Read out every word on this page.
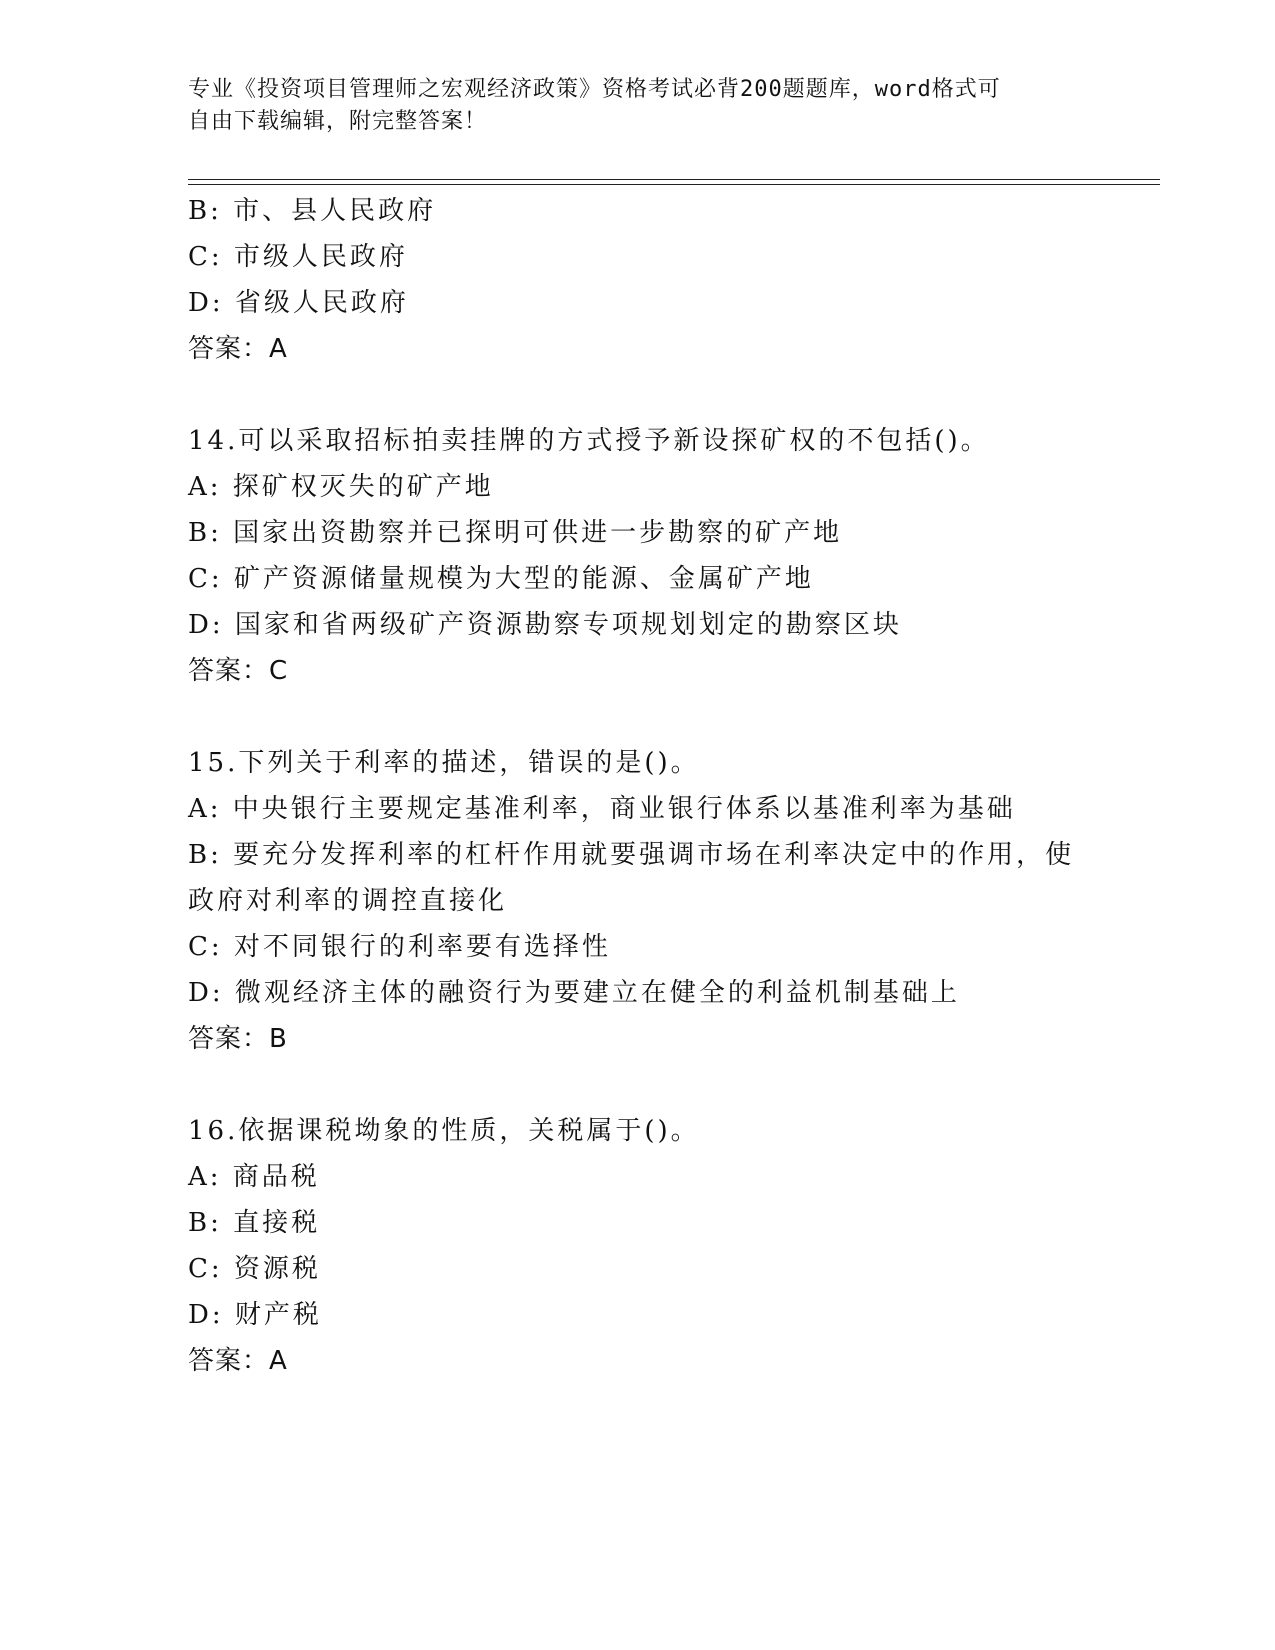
专业《投资项目管理师之宏观经济政策》资格考试必背200题题库，word格式可
自由下载编辑，附完整答案！
B: 市、县人民政府
C: 市级人民政府
D: 省级人民政府
答案：A
14.可以采取招标拍卖挂牌的方式授予新设探矿权的不包括()。
A: 探矿权灭失的矿产地
B: 国家出资勘察并已探明可供进一步勘察的矿产地
C: 矿产资源储量规模为大型的能源、金属矿产地
D: 国家和省两级矿产资源勘察专项规划划定的勘察区块
答案：C
15.下列关于利率的描述，错误的是()。
A: 中央银行主要规定基准利率，商业银行体系以基准利率为基础
B: 要充分发挥利率的杠杆作用就要强调市场在利率决定中的作用，使
政府对利率的调控直接化
C: 对不同银行的利率要有选择性
D: 微观经济主体的融资行为要建立在健全的利益机制基础上
答案：B
16.依据课税坳象的性质，关税属于()。
A: 商品税
B: 直接税
C: 资源税
D: 财产税
答案：A
